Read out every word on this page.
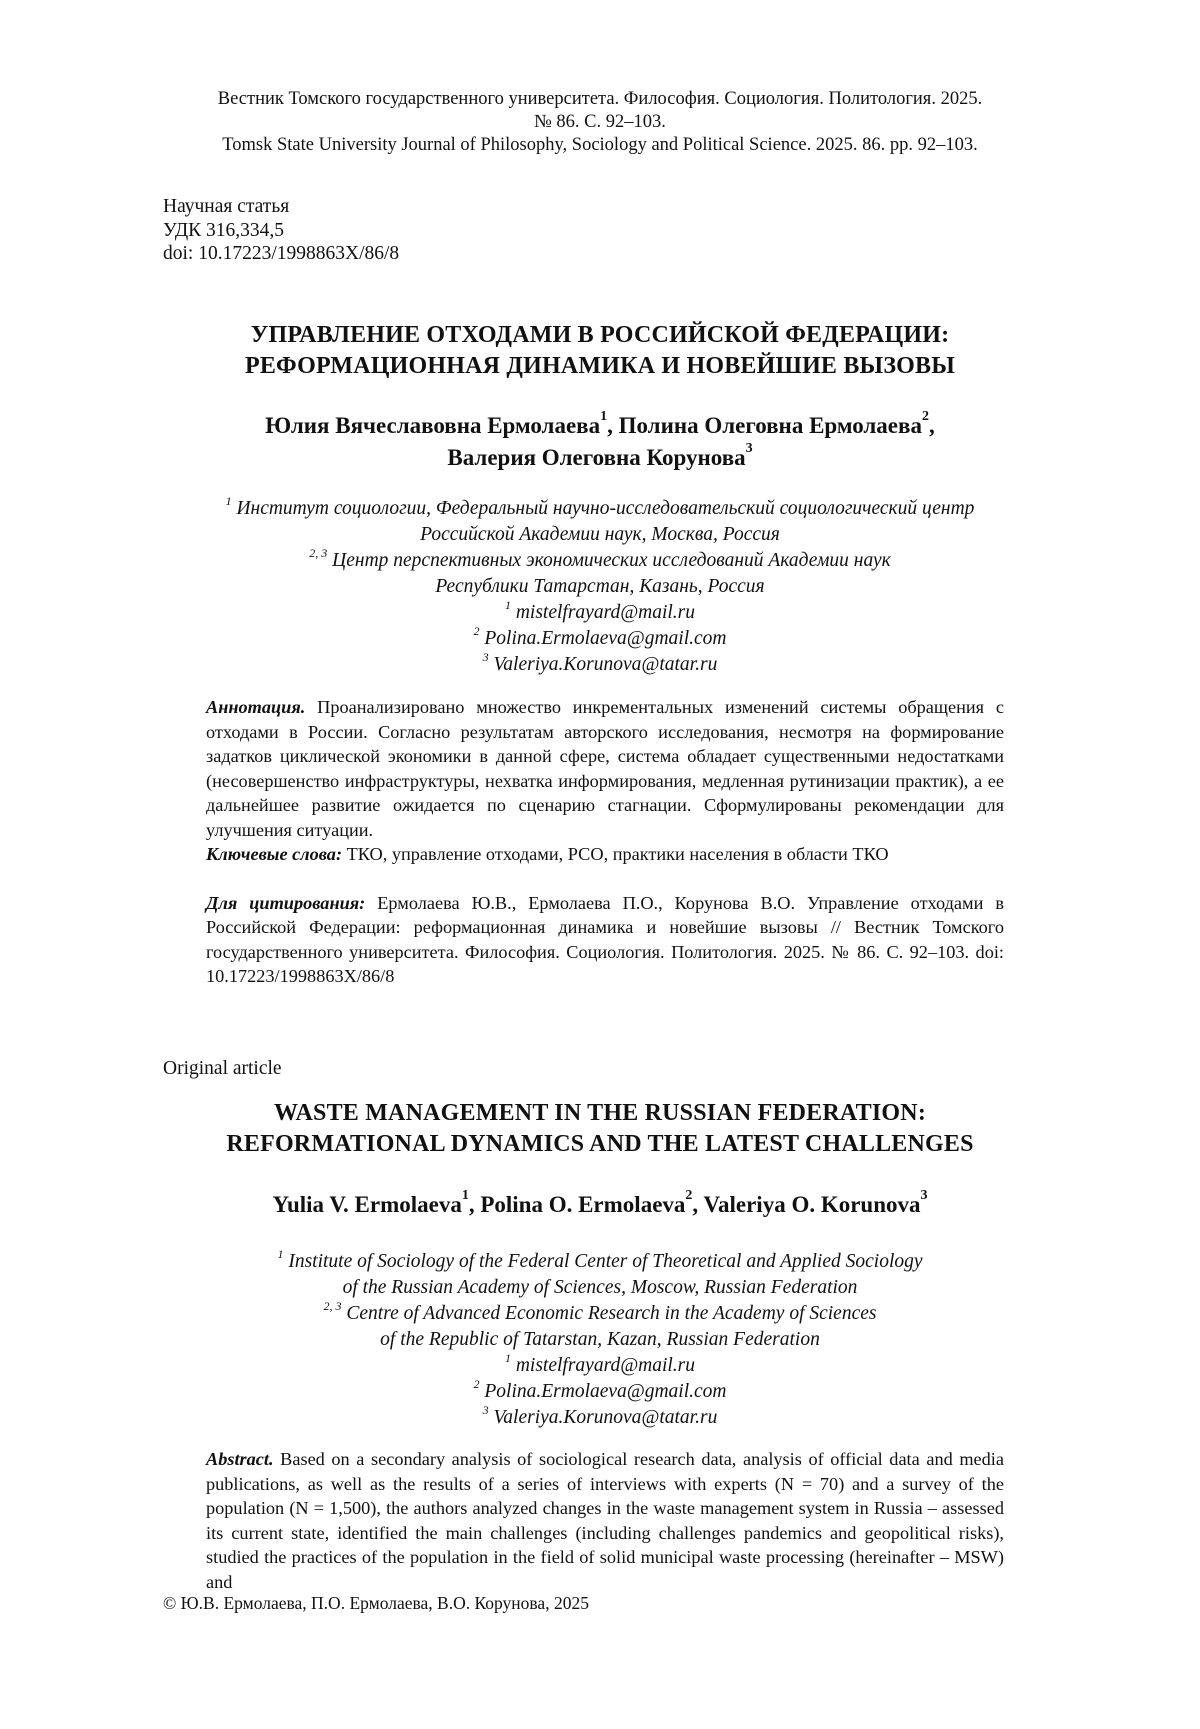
Вестник Томского государственного университета. Философия. Социология. Политология. 2025.
№ 86. С. 92–103.
Tomsk State University Journal of Philosophy, Sociology and Political Science. 2025. 86. pp. 92–103.
Научная статья
УДК 316,334,5
doi: 10.17223/1998863X/86/8
УПРАВЛЕНИЕ ОТХОДАМИ В РОССИЙСКОЙ ФЕДЕРАЦИИ:
РЕФОРМАЦИОННАЯ ДИНАМИКА И НОВЕЙШИЕ ВЫЗОВЫ
Юлия Вячеславовна Ермолаева$^1$, Полина Олеговна Ермолаева$^2$,
Валерия Олеговна Корунова$^3$
$^1$ Институт социологии, Федеральный научно-исследовательский социологический центр
Российской Академии наук, Москва, Россия
$^{2, 3}$ Центр перспективных экономических исследований Академии наук
Республики Татарстан, Казань, Россия
$^1$ mistelfrayard@mail.ru
$^2$ Polina.Ermolaeva@gmail.com
$^3$ Valeriya.Korunova@tatar.ru

Аннотация. Проанализировано множество инкрементальных изменений системы обращения с отходами в России. Согласно результатам авторского исследования, несмотря на формирование задатков циклической экономики в данной сфере, система обладает существенными недостатками (несовершенство инфраструктуры, нехватка информирования, медленная рутинизации практик), а ее дальнейшее развитие ожидается по сценарию стагнации. Сформулированы рекомендации для улучшения ситуации.

Ключевые слова: ТКО, управление отходами, РСО, практики населения в области ТКО

Для цитирования: Ермолаева Ю.В., Ермолаева П.О., Корунова В.О. Управление отходами в Российской Федерации: реформационная динамика и новейшие вызовы // Вестник Томского государственного университета. Философия. Социология. Политология. 2025. № 86. С. 92–103. doi: 10.17223/1998863X/86/8

Original article
WASTE MANAGEMENT IN THE RUSSIAN FEDERATION:
REFORMATIONAL DYNAMICS AND THE LATEST CHALLENGES
Yulia V. Ermolaeva$^1$, Polina O. Ermolaeva$^2$, Valeriya O. Korunova$^3$
$^1$ Institute of Sociology of the Federal Center of Theoretical and Applied Sociology
of the Russian Academy of Sciences, Moscow, Russian Federation
$^{2, 3}$ Centre of Advanced Economic Research in the Academy of Sciences
of the Republic of Tatarstan, Kazan, Russian Federation
$^1$ mistelfrayard@mail.ru
$^2$ Polina.Ermolaeva@gmail.com
$^3$ Valeriya.Korunova@tatar.ru

Abstract. Based on a secondary analysis of sociological research data, analysis of official data and media publications, as well as the results of a series of interviews with experts (N = 70) and a survey of the population (N = 1,500), the authors analyzed changes in the waste management system in Russia – assessed its current state, identified the main challenges (including challenges pandemics and geopolitical risks), studied the practices of the population in the field of solid municipal waste processing (hereinafter – MSW) and

© Ю.В. Ермолаева, П.О. Ермолаева, В.О. Корунова, 2025
